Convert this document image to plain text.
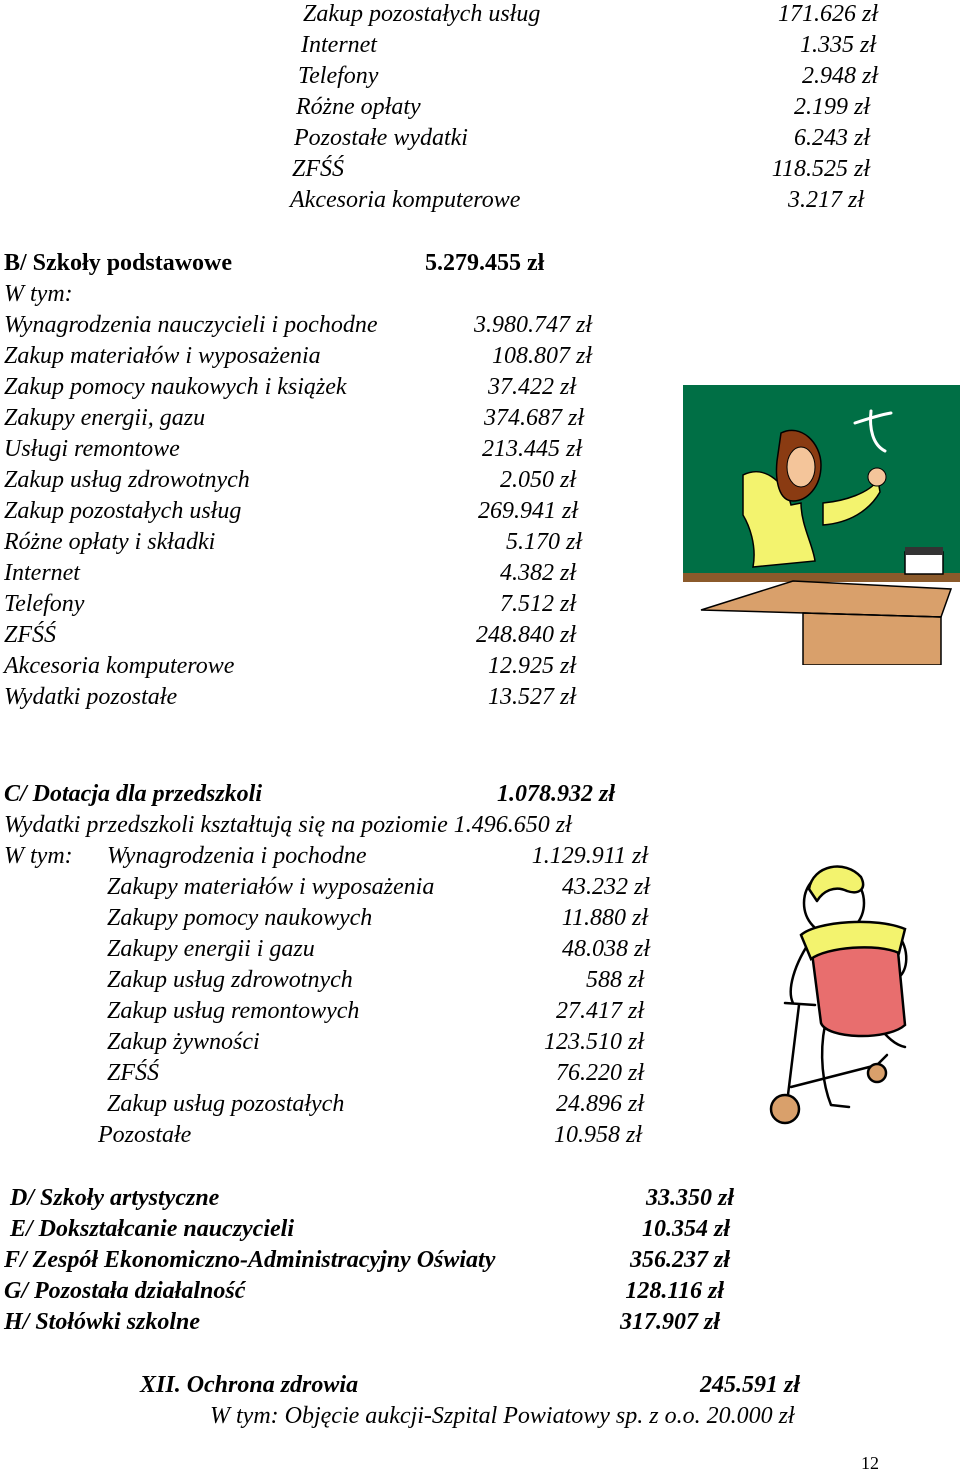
Zakup pozostałych usług	171.626 zł
Internet	1.335 zł
Telefony	2.948 zł
Różne opłaty	2.199 zł
Pozostałe wydatki	6.243 zł
ZFŚŚ	118.525 zł
Akcesoria komputerowe	3.217 zł
B/ Szkoły podstawowe	5.279.455 zł
W tym:
Wynagrodzenia nauczycieli i pochodne	3.980.747 zł
Zakup materiałów i wyposażenia	108.807 zł
Zakup pomocy naukowych i książek	37.422 zł
Zakupy energii, gazu	374.687 zł
Usługi remontowe	213.445 zł
Zakup usług zdrowotnych	2.050 zł
Zakup pozostałych usług	269.941 zł
Różne opłaty i składki	5.170 zł
Internet	4.382 zł
Telefony	7.512 zł
ZFŚŚ	248.840 zł
Akcesoria komputerowe	12.925 zł
Wydatki pozostałe	13.527 zł
C/ Dotacja dla przedszkoli	1.078.932 zł
Wydatki przedszkoli kształtują się na poziomie 1.496.650 zł
W tym: Wynagrodzenia i pochodne	1.129.911 zł
Zakupy materiałów i wyposażenia	43.232 zł
Zakupy pomocy naukowych	11.880 zł
Zakupy energii i gazu	48.038 zł
Zakup usług zdrowotnych	588 zł
Zakup usług remontowych	27.417 zł
Zakup żywności	123.510 zł
ZFŚŚ	76.220 zł
Zakup usług pozostałych	24.896 zł
Pozostałe	10.958 zł
D/ Szkoły artystyczne	33.350 zł
E/ Dokształcanie nauczycieli	10.354 zł
F/ Zespół Ekonomiczno-Administracyjny Oświaty	356.237 zł
G/ Pozostała działalność	128.116 zł
H/ Stołówki szkolne	317.907 zł
XII. Ochrona zdrowia	245.591 zł
W tym: Objęcie aukcji-Szpital Powiatowy sp. z o.o. 20.000 zł
12
